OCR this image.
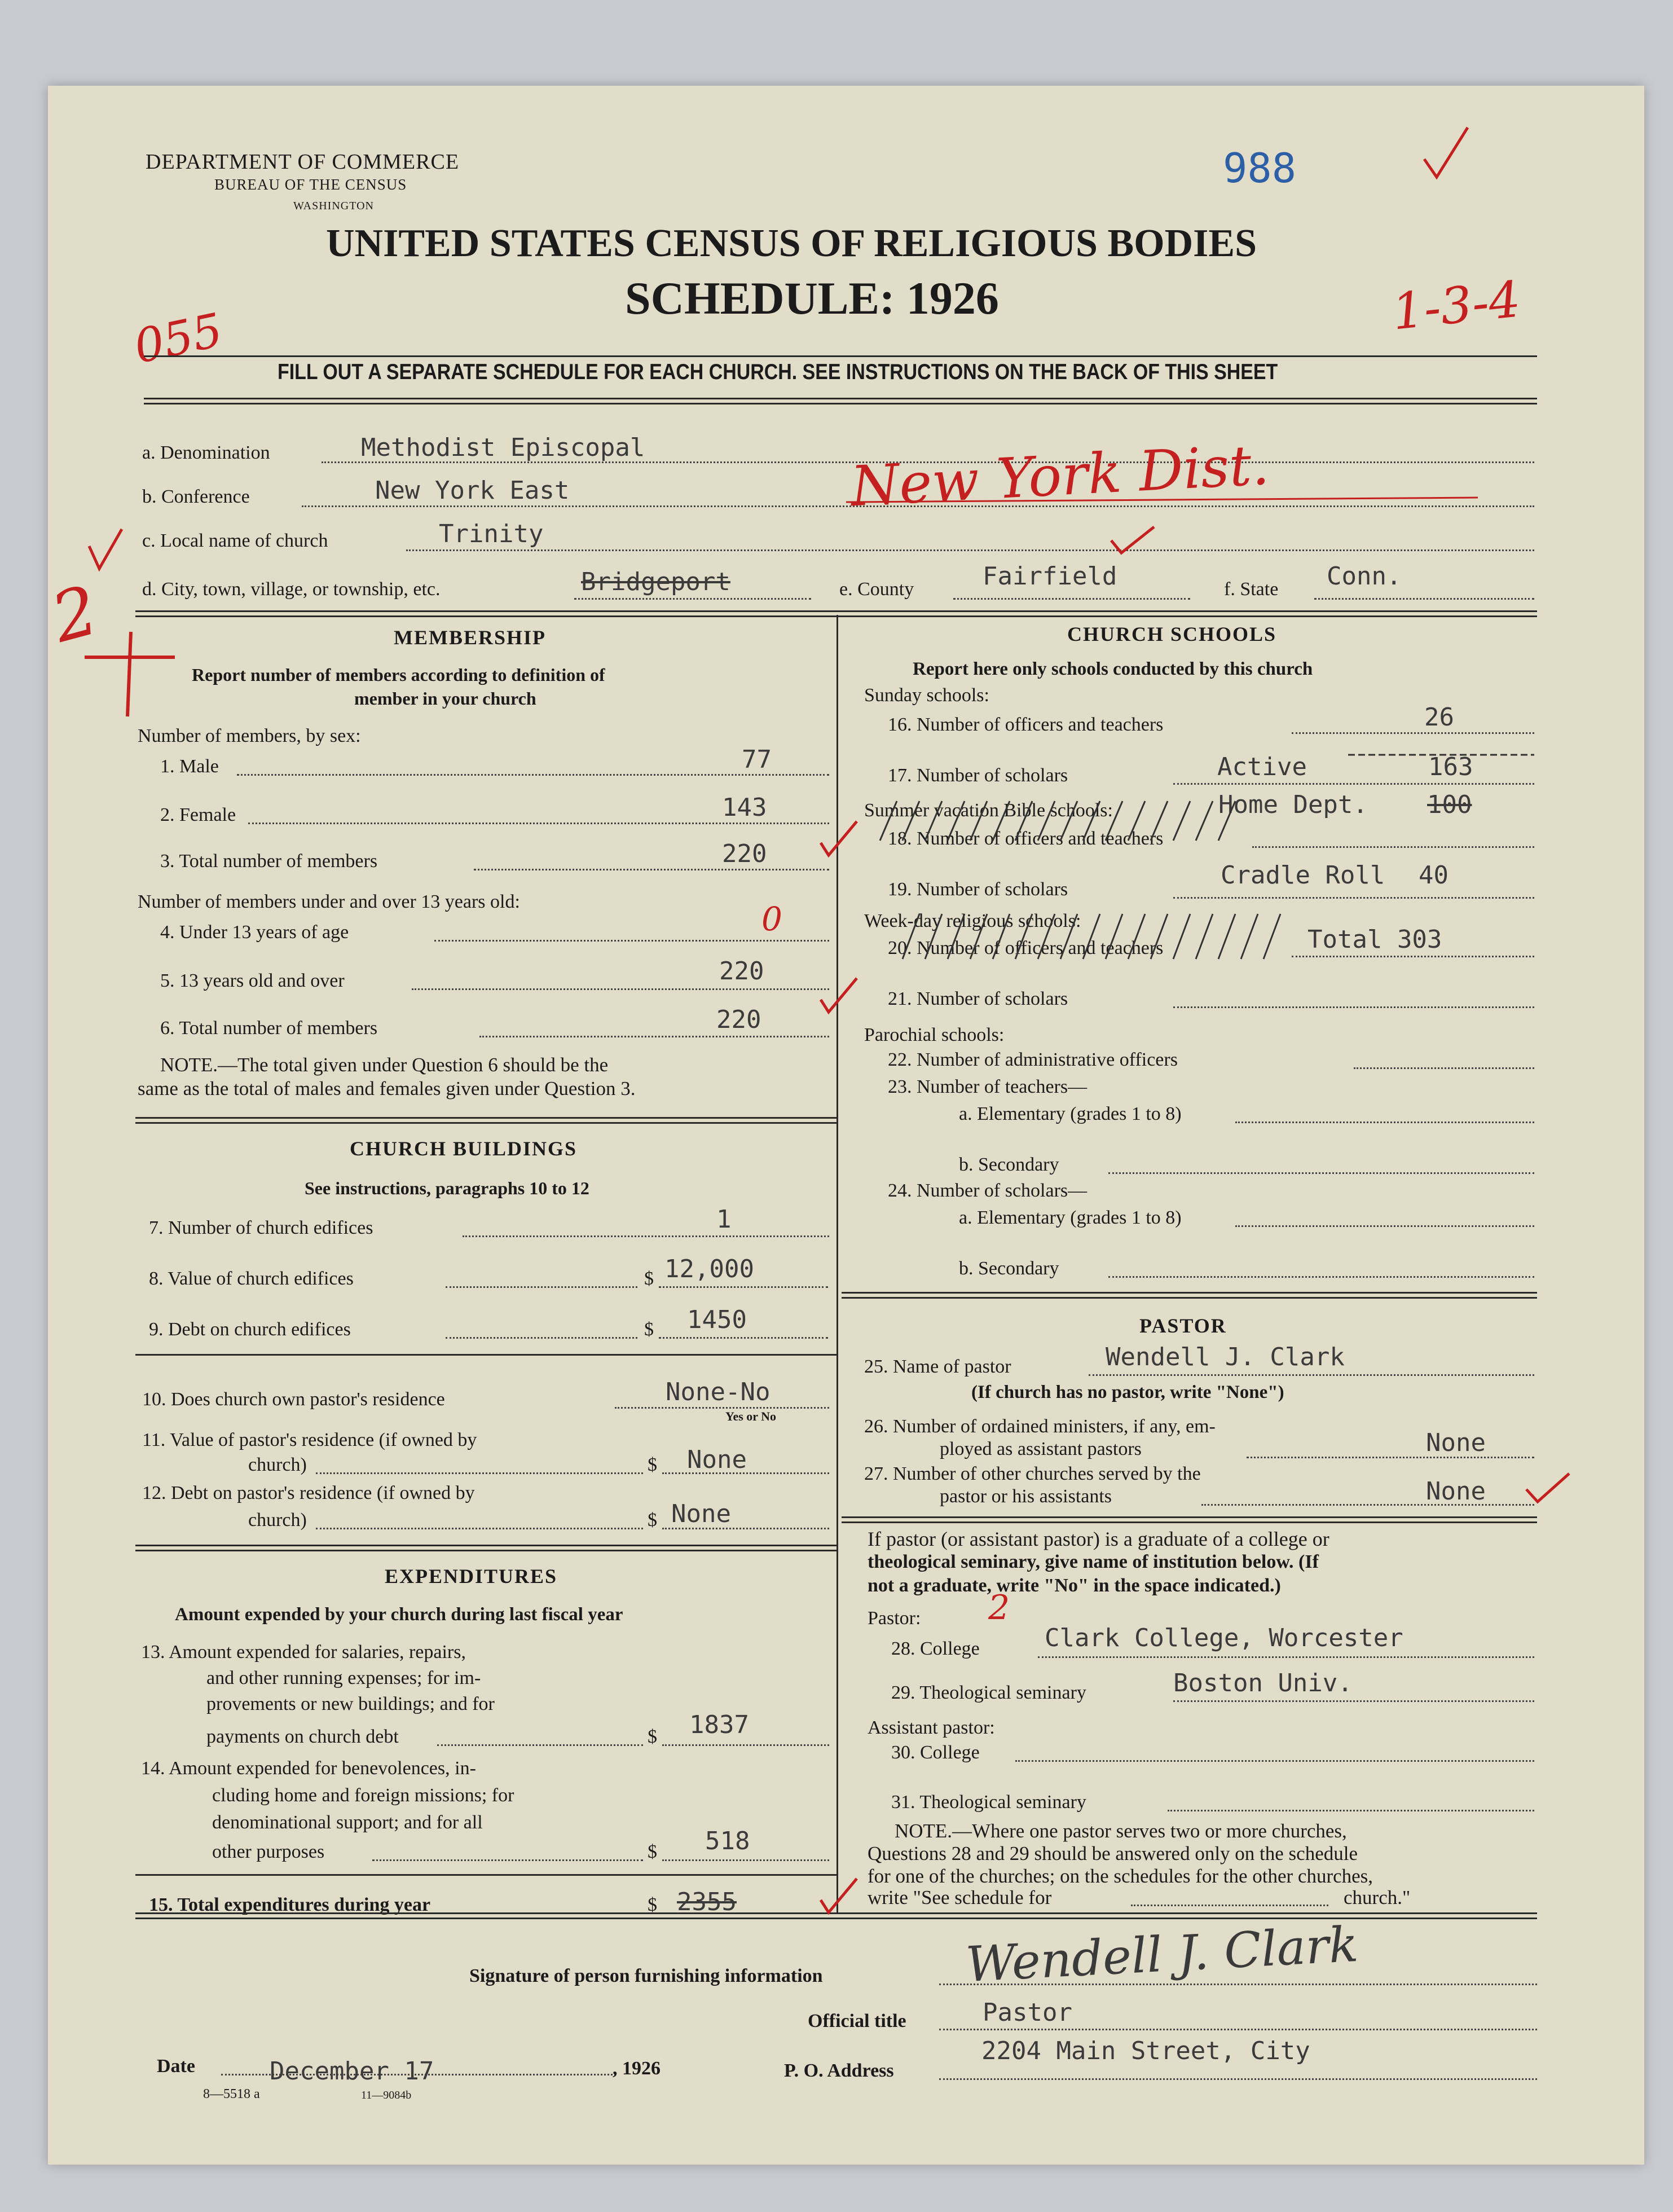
DEPARTMENT OF COMMERCE
BUREAU OF THE CENSUS
WASHINGTON
UNITED STATES CENSUS OF RELIGIOUS BODIES
SCHEDULE: 1926
988
055	1-3-4
FILL OUT A SEPARATE SCHEDULE FOR EACH CHURCH. SEE INSTRUCTIONS ON THE BACK OF THIS SHEET
a. Denomination	Methodist Episcopal
b. Conference	New York East	New York Dist.
c. Local name of church	Trinity
d. City, town, village, or township, etc.	Bridgeport	e. County	Fairfield	f. State Conn.
2	MEMBERSHIP
Report number of members according to definition of
member in your church
Number of members, by sex:
1. Male	77
2. Female	143
3. Total number of members	220
Number of members under and over 13 years old:
4. Under 13 years of age	0
5. 13 years old and over	220
6. Total number of members	220
NOTE.—The total given under Question 6 should be the
same as the total of males and females given under Question 3.
CHURCH BUILDINGS
See instructions, paragraphs 10 to 12
7. Number of church edifices	1
8. Value of church edifices	$ 12,000
9. Debt on church edifices	$ 1450
10. Does church own pastor's residence	None-No
Yes or No
11. Value of pastor's residence (if owned by
church)	$ None
12. Debt on pastor's residence (if owned by
church)	$ None
EXPENDITURES
Amount expended by your church during last fiscal year
13. Amount expended for salaries, repairs,
and other running expenses; for im-
provements or new buildings; and for
payments on church debt	$ 1837
14. Amount expended for benevolences, in-
cluding home and foreign missions; for
denominational support; and for all
other purposes	$ 518
15. Total expenditures during year	$ 2355
CHURCH SCHOOLS
Report here only schools conducted by this church
Sunday schools:
16. Number of officers and teachers	26
17. Number of scholars	Active	163
Summer vacation Bible schools:	Home Dept. 100
18. Number of officers and teachers
19. Number of scholars	Cradle Roll 40
Week-day religious schools:
20. Number of officers and teachers	Total 303
21. Number of scholars
Parochial schools:
22. Number of administrative officers
23. Number of teachers—
a. Elementary (grades 1 to 8)
b. Secondary
24. Number of scholars—
a. Elementary (grades 1 to 8)
b. Secondary
PASTOR
25. Name of pastor	Wendell J. Clark
(If church has no pastor, write "None")
26. Number of ordained ministers, if any, em-
ployed as assistant pastors	None
27. Number of other churches served by the
pastor or his assistants	None
If pastor (or assistant pastor) is a graduate of a college or
theological seminary, give name of institution below. (If
not a graduate, write "No" in the space indicated.)
Pastor: 2
28. College	Clark College, Worcester
29. Theological seminary	Boston Univ.
Assistant pastor:
30. College
31. Theological seminary
NOTE.—Where one pastor serves two or more churches,
Questions 28 and 29 should be answered only on the schedule
for one of the churches; on the schedules for the other churches,
write "See schedule for	church."
Signature of person furnishing information	Wendell J. Clark
Official title	Pastor
Date	December 17	, 1926
8—5518 a	11—9084b
P. O. Address
2204 Main Street, City
